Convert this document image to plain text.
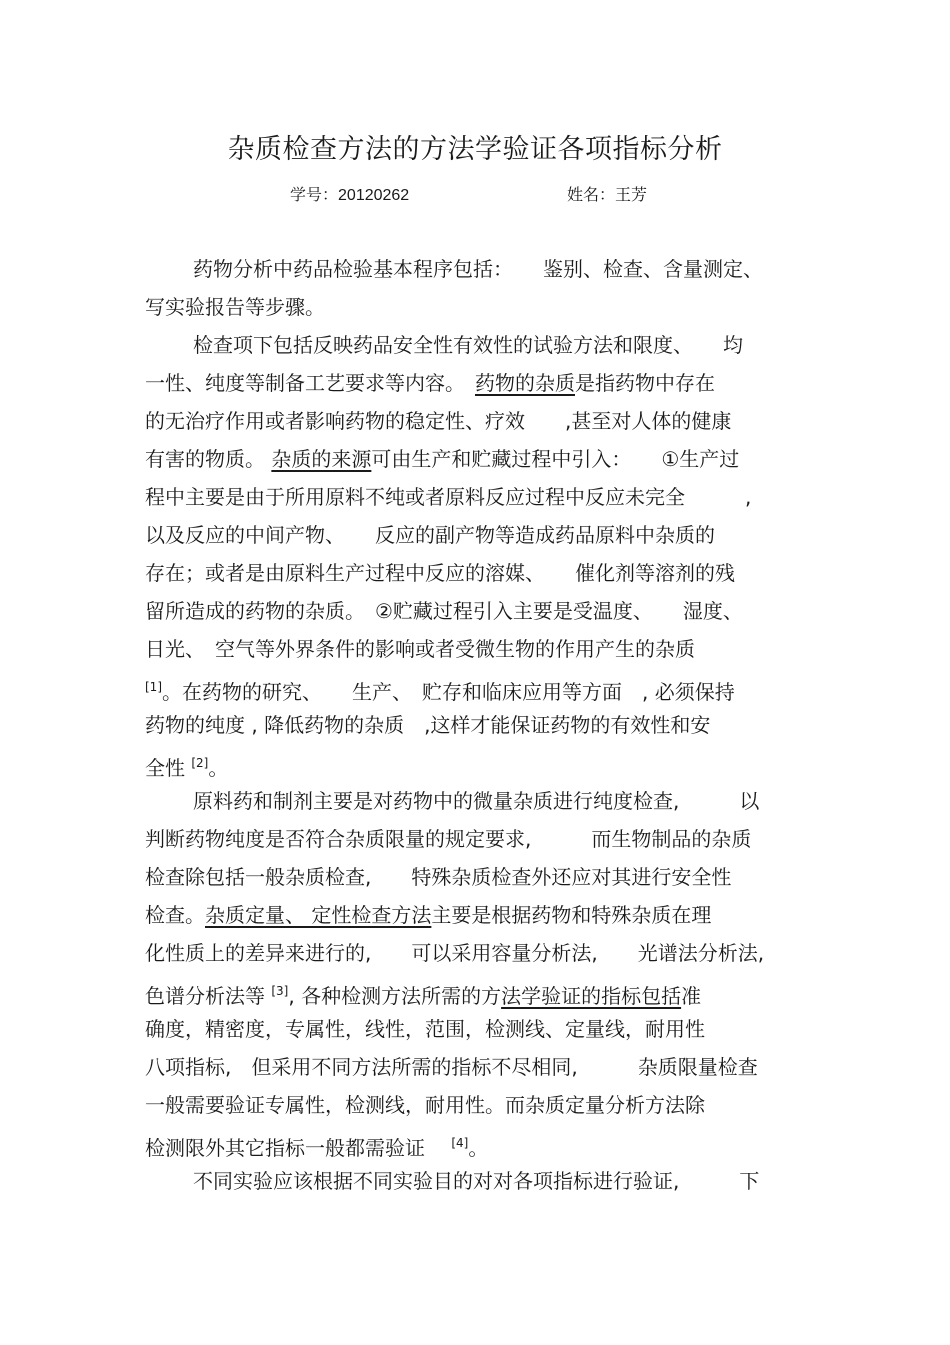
杂质检查方法的方法学验证各项指标分析
学号：20120262	姓名：王芳
药物分析中药品检验基本程序包括：　　鉴别、检查、含量测定、
写实验报告等步骤。
检查项下包括反映药品安全性有效性的试验方法和限度、　　均
一性、纯度等制备工艺要求等内容。　药物的杂质是指药物中存在
的无治疗作用或者影响药物的稳定性、疗效　　,甚至对人体的健康
有害的物质。 杂质的来源可由生产和贮藏过程中引入：　　①生产过
程中主要是由于所用原料不纯或者原料反应过程中反应未完全　　　,
以及反应的中间产物、　　反应的副产物等造成药品原料中杂质的
存在；或者是由原料生产过程中反应的溶媒、　　催化剂等溶剂的残
留所造成的药物的杂质。　②贮藏过程引入主要是受温度、　　湿度、
日光、　空气等外界条件的影响或者受微生物的作用产生的杂质
[1]。在药物的研究、　　生产、　贮存和临床应用等方面　, 必须保持
药物的纯度 , 降低药物的杂质　,这样才能保证药物的有效性和安
全性 [2]。
原料药和制剂主要是对药物中的微量杂质进行纯度检查,　　　以
判断药物纯度是否符合杂质限量的规定要求,　　　而生物制品的杂质
检查除包括一般杂质检查,　　特殊杂质检查外还应对其进行安全性
检查。杂质定量、 定性检查方法主要是根据药物和特殊杂质在理
化性质上的差异来进行的,　　可以采用容量分析法,　　光谱法分析法,
色谱分析法等 [3], 各种检测方法所需的方法学验证的指标包括准
确度，精密度，专属性，线性，范围，检测线、定量线，耐用性
八项指标,　但采用不同方法所需的指标不尽相同,　　　杂质限量检查
一般需要验证专属性，检测线，耐用性。而杂质定量分析方法除
检测限外其它指标一般都需验证　 [4]。
不同实验应该根据不同实验目的对对各项指标进行验证,　　　下
